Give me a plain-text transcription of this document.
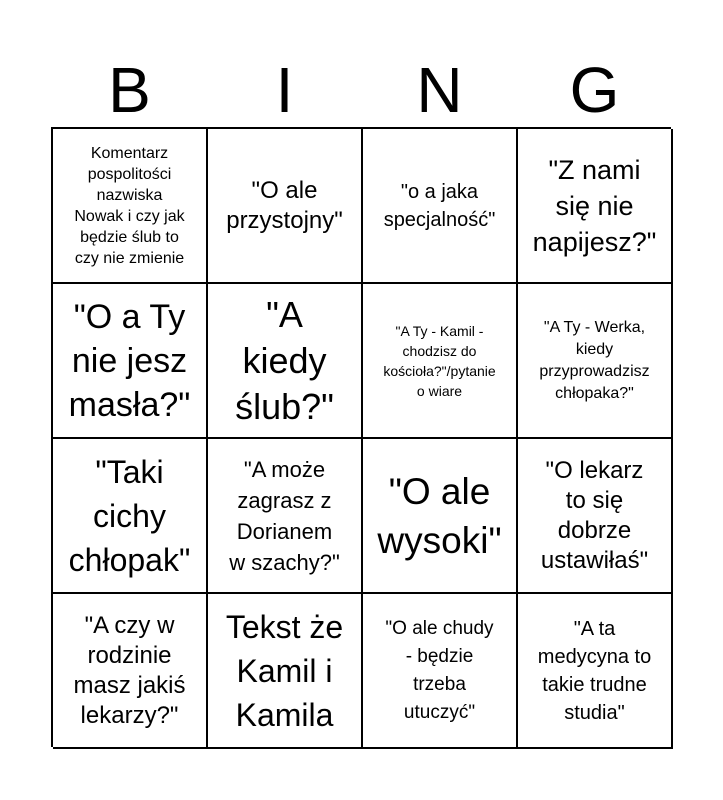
B	I	N	G
Komentarz
pospolitości
nazwiska
Nowak i czy jak
będzie ślub to
czy nie zmienie
"O ale
przystojny"
"o a jaka
specjalność"
"Z nami
się nie
napijesz?"
"O a Ty
nie jesz
masła?"
"A
kiedy
ślub?"
"A Ty - Kamil -
chodzisz do
kościoła?"/pytanie
o wiare
"A Ty - Werka,
kiedy
przyprowadzisz
chłopaka?"
"Taki
cichy
chłopak"
"A może
zagrasz z
Dorianem
w szachy?"
"O ale
wysoki"
"O lekarz
to się
dobrze
ustawiłaś"
"A czy w
rodzinie
masz jakiś
lekarzy?"
Tekst że
Kamil i
Kamila
"O ale chudy
- będzie
trzeba
utuczyć"
"A ta
medycyna to
takie trudne
studia"
